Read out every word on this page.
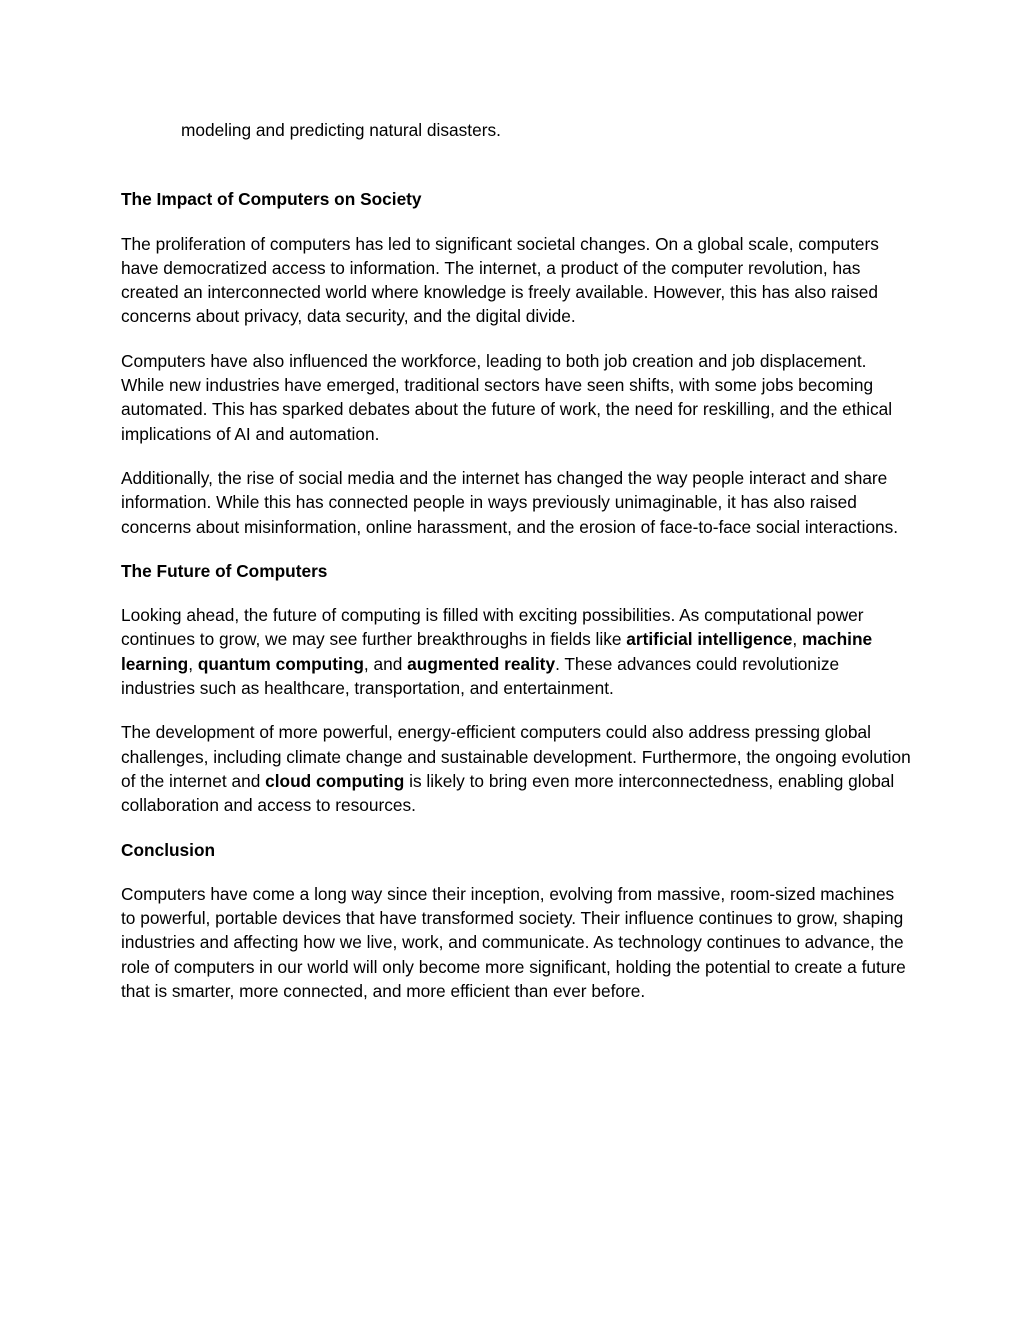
modeling and predicting natural disasters.

The Impact of Computers on Society

The proliferation of computers has led to significant societal changes. On a global scale, computers have democratized access to information. The internet, a product of the computer revolution, has created an interconnected world where knowledge is freely available. However, this has also raised concerns about privacy, data security, and the digital divide.

Computers have also influenced the workforce, leading to both job creation and job displacement. While new industries have emerged, traditional sectors have seen shifts, with some jobs becoming automated. This has sparked debates about the future of work, the need for reskilling, and the ethical implications of AI and automation.

Additionally, the rise of social media and the internet has changed the way people interact and share information. While this has connected people in ways previously unimaginable, it has also raised concerns about misinformation, online harassment, and the erosion of face-to-face social interactions.

The Future of Computers

Looking ahead, the future of computing is filled with exciting possibilities. As computational power continues to grow, we may see further breakthroughs in fields like artificial intelligence, machine learning, quantum computing, and augmented reality. These advances could revolutionize industries such as healthcare, transportation, and entertainment.

The development of more powerful, energy-efficient computers could also address pressing global challenges, including climate change and sustainable development. Furthermore, the ongoing evolution of the internet and cloud computing is likely to bring even more interconnectedness, enabling global collaboration and access to resources.

Conclusion

Computers have come a long way since their inception, evolving from massive, room-sized machines to powerful, portable devices that have transformed society. Their influence continues to grow, shaping industries and affecting how we live, work, and communicate. As technology continues to advance, the role of computers in our world will only become more significant, holding the potential to create a future that is smarter, more connected, and more efficient than ever before.
